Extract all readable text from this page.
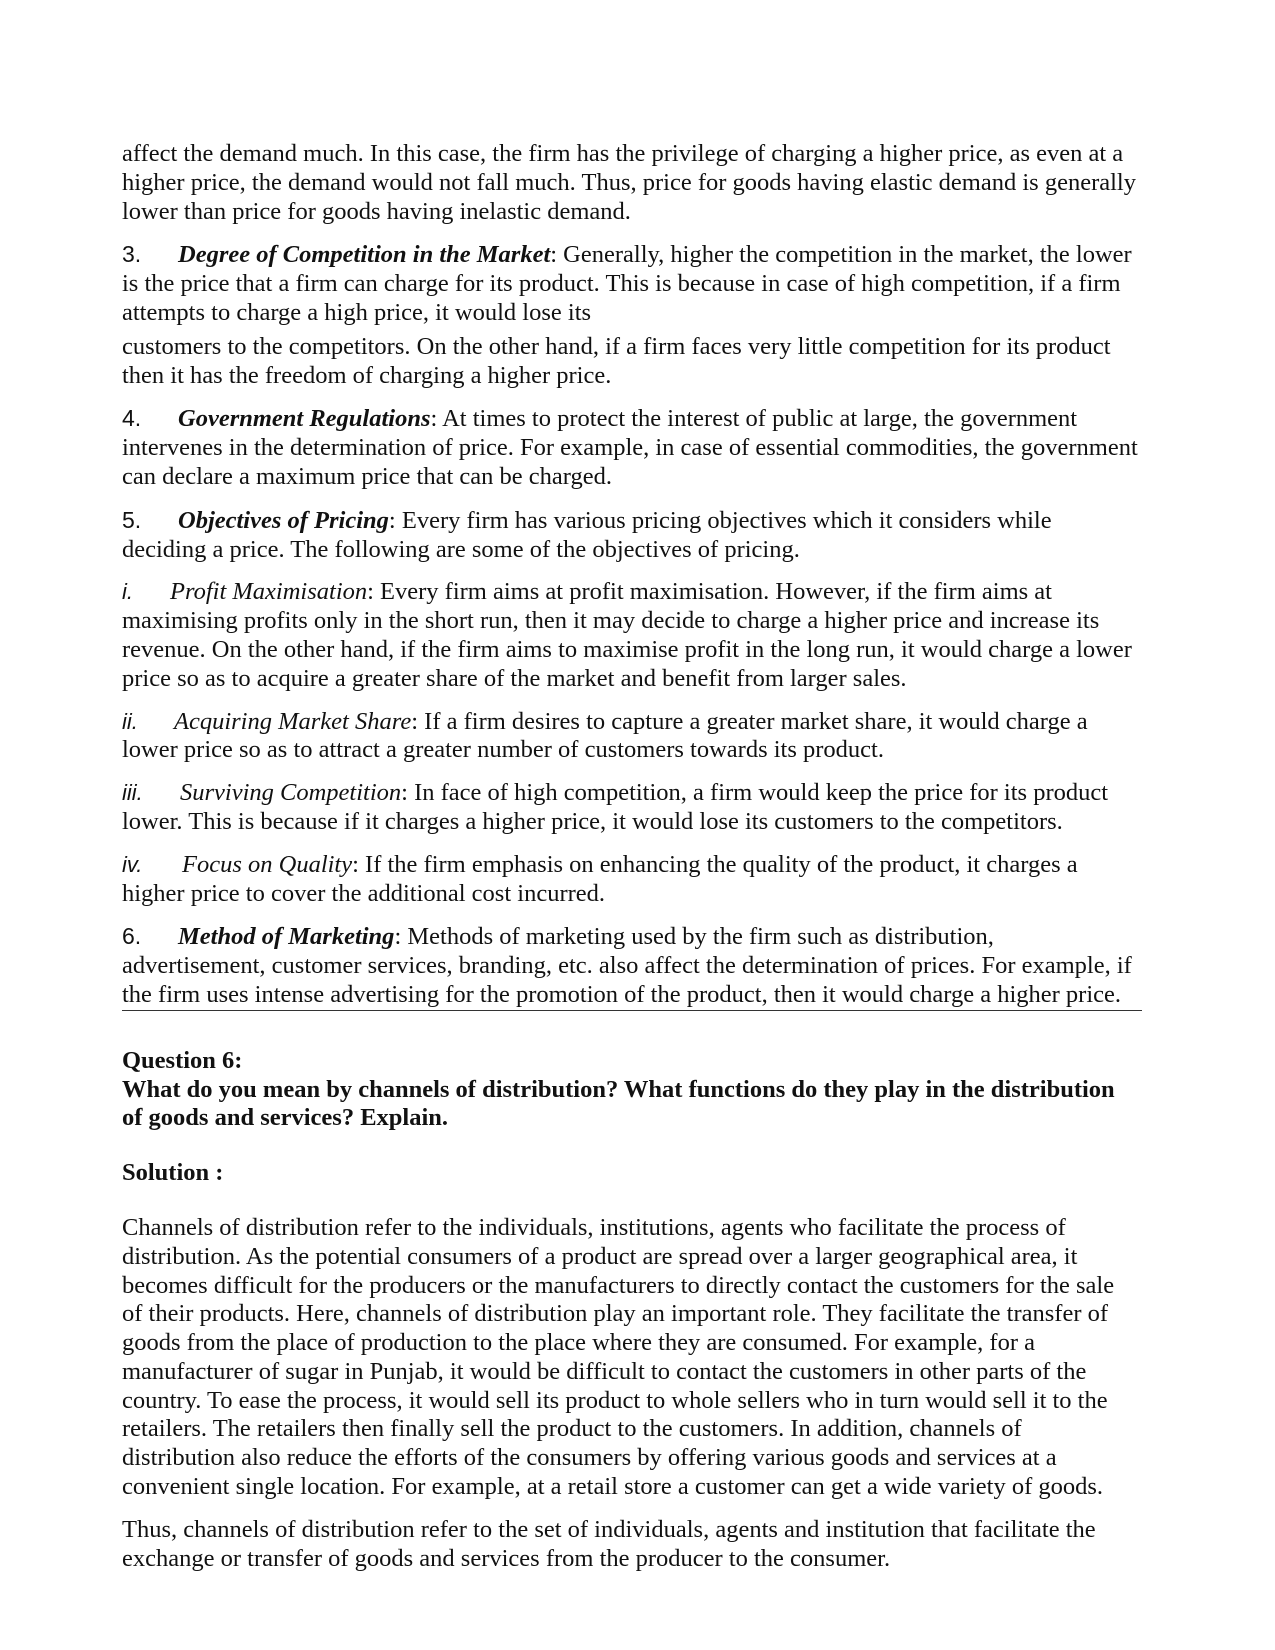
affect the demand much. In this case, the firm has the privilege of charging a higher price, as even at a higher price, the demand would not fall much. Thus, price for goods having elastic demand is generally lower than price for goods having inelastic demand.

3. Degree of Competition in the Market: Generally, higher the competition in the market, the lower is the price that a firm can charge for its product. This is because in case of high competition, if a firm attempts to charge a high price, it would lose its

customers to the competitors. On the other hand, if a firm faces very little competition for its product then it has the freedom of charging a higher price.

4. Government Regulations: At times to protect the interest of public at large, the government intervenes in the determination of price. For example, in case of essential commodities, the government can declare a maximum price that can be charged.

5. Objectives of Pricing: Every firm has various pricing objectives which it considers while deciding a price. The following are some of the objectives of pricing.

i. Profit Maximisation: Every firm aims at profit maximisation. However, if the firm aims at maximising profits only in the short run, then it may decide to charge a higher price and increase its revenue. On the other hand, if the firm aims to maximise profit in the long run, it would charge a lower price so as to acquire a greater share of the market and benefit from larger sales.

ii. Acquiring Market Share: If a firm desires to capture a greater market share, it would charge a lower price so as to attract a greater number of customers towards its product.

iii. Surviving Competition: In face of high competition, a firm would keep the price for its product lower. This is because if it charges a higher price, it would lose its customers to the competitors.

iv. Focus on Quality: If the firm emphasis on enhancing the quality of the product, it charges a higher price to cover the additional cost incurred.

6. Method of Marketing: Methods of marketing used by the firm such as distribution, advertisement, customer services, branding, etc. also affect the determination of prices. For example, if the firm uses intense advertising for the promotion of the product, then it would charge a higher price.

Question 6:

What do you mean by channels of distribution? What functions do they play in the distribution of goods and services? Explain.

Solution :

Channels of distribution refer to the individuals, institutions, agents who facilitate the process of distribution. As the potential consumers of a product are spread over a larger geographical area, it becomes difficult for the producers or the manufacturers to directly contact the customers for the sale of their products. Here, channels of distribution play an important role. They facilitate the transfer of goods from the place of production to the place where they are consumed. For example, for a manufacturer of sugar in Punjab, it would be difficult to contact the customers in other parts of the country. To ease the process, it would sell its product to whole sellers who in turn would sell it to the retailers. The retailers then finally sell the product to the customers. In addition, channels of distribution also reduce the efforts of the consumers by offering various goods and services at a convenient single location. For example, at a retail store a customer can get a wide variety of goods.

Thus, channels of distribution refer to the set of individuals, agents and institution that facilitate the exchange or transfer of goods and services from the producer to the consumer.
